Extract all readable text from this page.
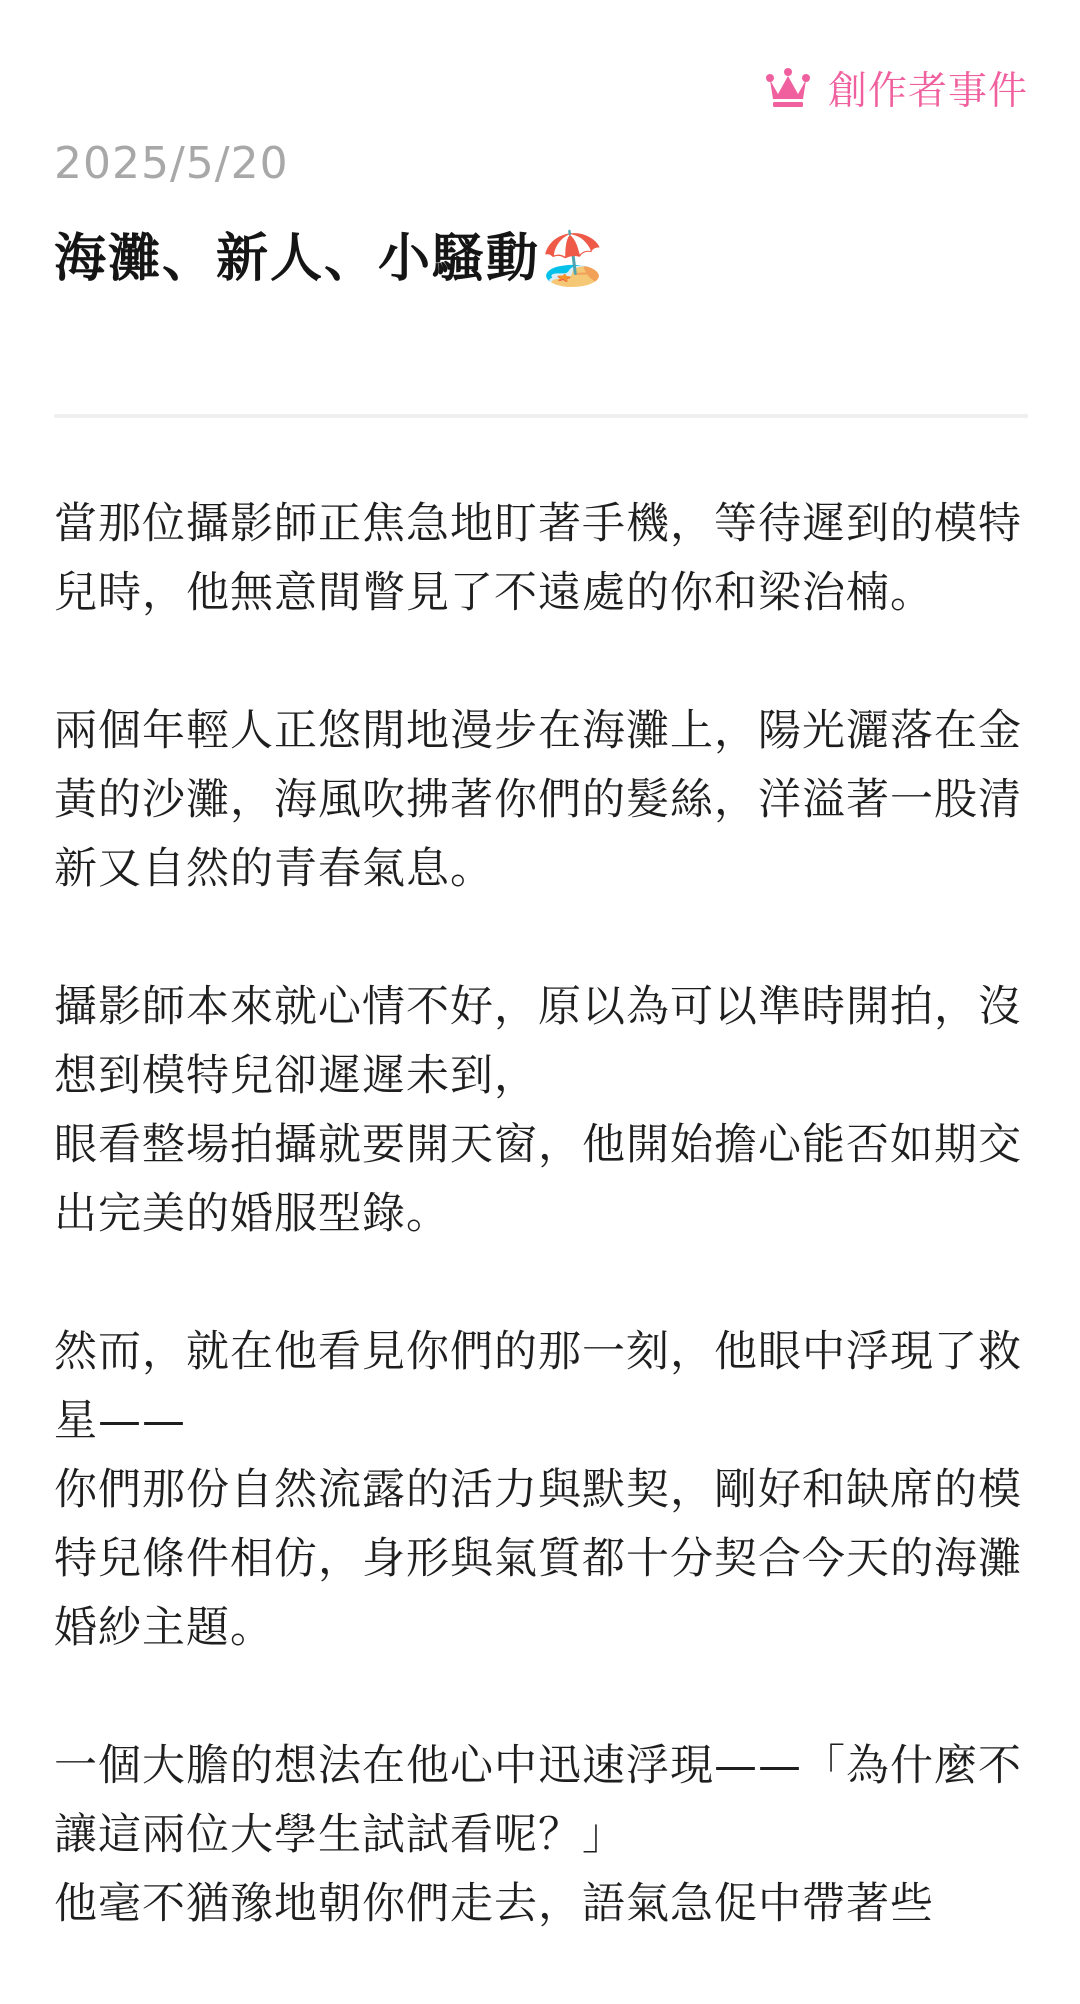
創作者事件
2025/5/20
海灘、新人、小騷動🏖️
當那位攝影師正焦急地盯著手機，等待遲到的模特兒時，他無意間瞥見了不遠處的你和梁治楠。

兩個年輕人正悠閒地漫步在海灘上，陽光灑落在金黃的沙灘，海風吹拂著你們的髮絲，洋溢著一股清新又自然的青春氣息。

攝影師本來就心情不好，原以為可以準時開拍，沒想到模特兒卻遲遲未到，
眼看整場拍攝就要開天窗，他開始擔心能否如期交出完美的婚服型錄。

然而，就在他看見你們的那一刻，他眼中浮現了救星——
你們那份自然流露的活力與默契，剛好和缺席的模特兒條件相仿，身形與氣質都十分契合今天的海灘婚紗主題。

一個大膽的想法在他心中迅速浮現——「為什麼不讓這兩位大學生試試看呢？」
他毫不猶豫地朝你們走去，語氣急促中帶著些
